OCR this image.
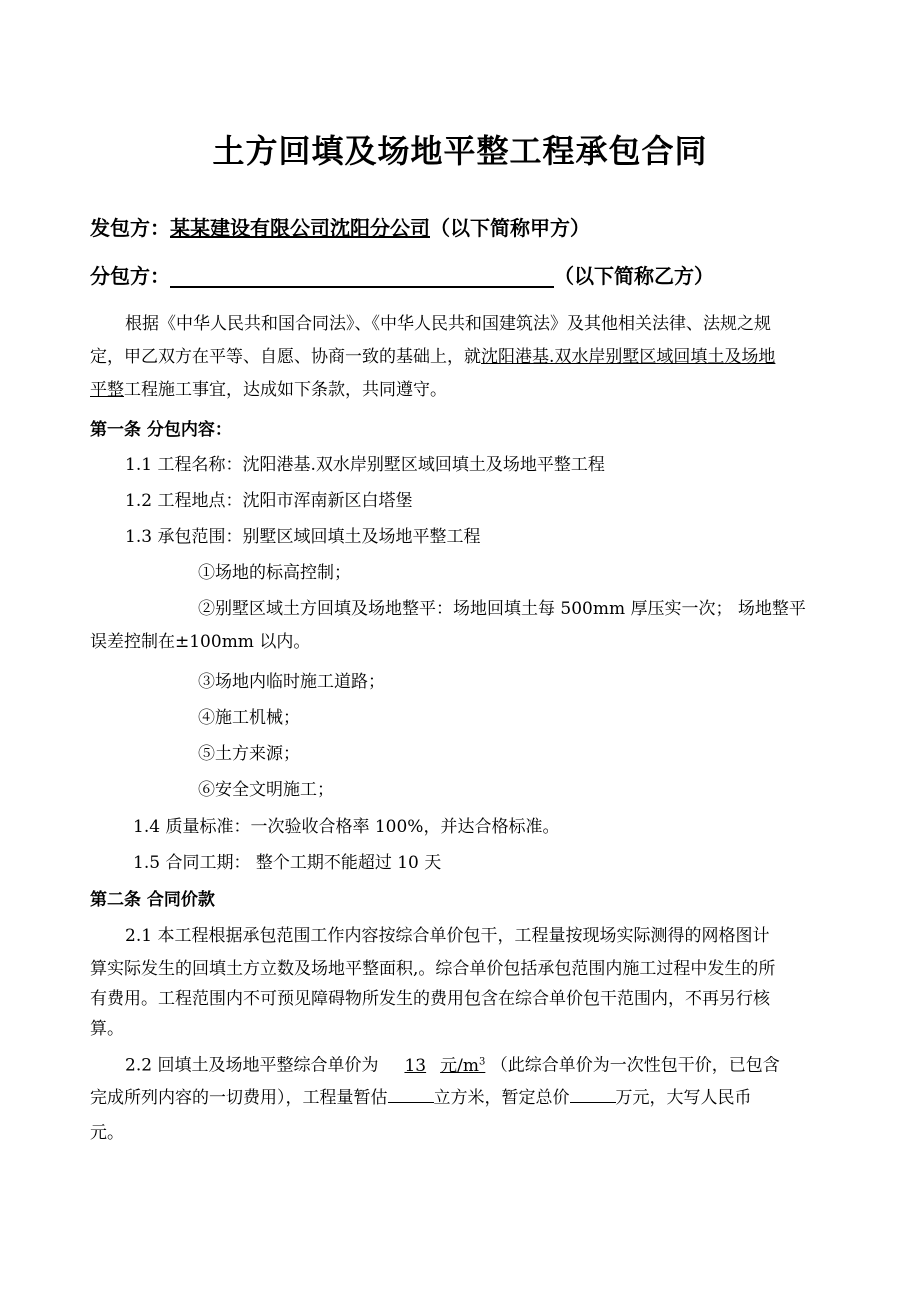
土方回填及场地平整工程承包合同
发包方：某某建设有限公司沈阳分公司（以下简称甲方）
分包方：	（以下简称乙方）
根据《中华人民共和国合同法》、《中华人民共和国建筑法》及其他相关法律、法规之规
定，甲乙双方在平等、自愿、协商一致的基础上，就沈阳港基.双水岸别墅区域回填土及场地
平整工程施工事宜，达成如下条款，共同遵守。
第一条 分包内容：
1.1 工程名称：沈阳港基.双水岸别墅区域回填土及场地平整工程
1.2 工程地点：沈阳市浑南新区白塔堡
1.3 承包范围：别墅区域回填土及场地平整工程
①场地的标高控制；
②别墅区域土方回填及场地整平：场地回填土每 500mm 厚压实一次； 场地整平
误差控制在±100mm 以内。
③场地内临时施工道路；
④施工机械；
⑤土方来源；
⑥安全文明施工；
1.4 质量标准：一次验收合格率 100%，并达合格标准。
1.5 合同工期： 整个工期不能超过 10 天
第二条 合同价款
2.1 本工程根据承包范围工作内容按综合单价包干，工程量按现场实际测得的网格图计
算实际发生的回填土方立数及场地平整面积,。综合单价包括承包范围内施工过程中发生的所
有费用。工程范围内不可预见障碍物所发生的费用包含在综合单价包干范围内，不再另行核
算。
2.2 回填土及场地平整综合单价为 13 元$/m^3$ （此综合单价为一次性包干价，已包含
完成所列内容的一切费用），工程量暂估	立方米，暂定总价	万元，大写人民币
元。
